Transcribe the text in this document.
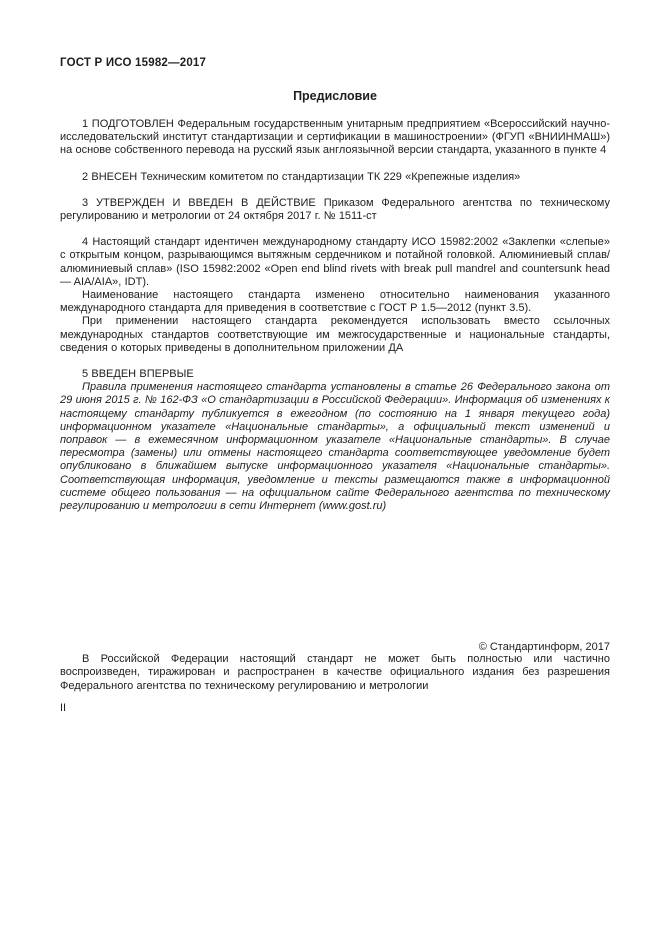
ГОСТ Р ИСО 15982—2017
Предисловие

1 ПОДГОТОВЛЕН Федеральным государственным унитарным предприятием «Всероссийский научно-исследовательский институт стандартизации и сертификации в машиностроении» (ФГУП «ВНИИНМАШ») на основе собственного перевода на русский язык англоязычной версии стандарта, указанного в пункте 4

2 ВНЕСЕН Техническим комитетом по стандартизации ТК 229 «Крепежные изделия»

3 УТВЕРЖДЕН И ВВЕДЕН В ДЕЙСТВИЕ Приказом Федерального агентства по техническому регулированию и метрологии от 24 октября 2017 г. № 1511-ст

4 Настоящий стандарт идентичен международному стандарту ИСО 15982:2002 «Заклепки «слепые» с открытым концом, разрывающимся вытяжным сердечником и потайной головкой. Алюминиевый сплав/алюминиевый сплав» (ISO 15982:2002 «Open end blind rivets with break pull mandrel and countersunk head — AIA/AIA», IDT).

Наименование настоящего стандарта изменено относительно наименования указанного международного стандарта для приведения в соответствие с ГОСТ Р 1.5—2012 (пункт 3.5).

При применении настоящего стандарта рекомендуется использовать вместо ссылочных международных стандартов соответствующие им межгосударственные и национальные стандарты, сведения о которых приведены в дополнительном приложении ДА

5 ВВЕДЕН ВПЕРВЫЕ

Правила применения настоящего стандарта установлены в статье 26 Федерального закона от 29 июня 2015 г. № 162-ФЗ «О стандартизации в Российской Федерации». Информация об изменениях к настоящему стандарту публикуется в ежегодном (по состоянию на 1 января текущего года) информационном указателе «Национальные стандарты», а официальный текст изменений и поправок — в ежемесячном информационном указателе «Национальные стандарты». В случае пересмотра (замены) или отмены настоящего стандарта соответствующее уведомление будет опубликовано в ближайшем выпуске информационного указателя «Национальные стандарты». Соответствующая информация, уведомление и тексты размещаются также в информационной системе общего пользования — на официальном сайте Федерального агентства по техническому регулированию и метрологии в сети Интернет (www.gost.ru)

© Стандартинформ, 2017

В Российской Федерации настоящий стандарт не может быть полностью или частично воспроизведен, тиражирован и распространен в качестве официального издания без разрешения Федерального агентства по техническому регулированию и метрологии

II
